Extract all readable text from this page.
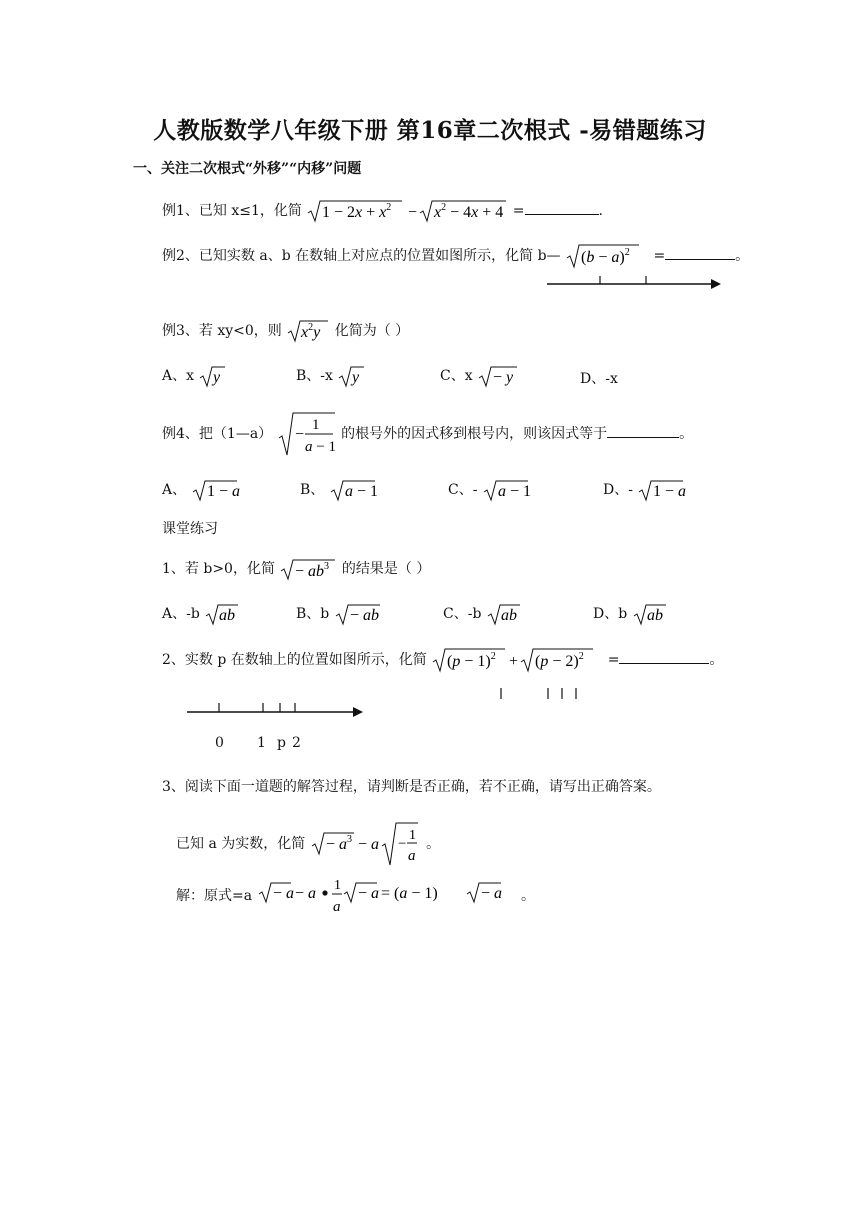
人教版数学八年级下册 第16章二次根式 -易错题练习
一、关注二次根式“外移”“内移”问题
例1、已知 x≤1，化简 $1 - 2x + x^2 - x^2 - 4x + 4$ =	.
例2、已知实数 a、b 在数轴上对应点的位置如图所示，化简 b— $(b - a)^2$ =	。
例3、若 xy<0，则 $x^2y$ 化简为（ ）
A、x y	B、-x y	C、x − y	D、-x
例4、把（1—a） −
1
a − 1
的根号外的因式移到根号内，则该因式等于	。
A、 1 − a	B、 a − 1	C、- a − 1	D、- 1 − a
课堂练习
1、若 b>0，化简 − $ab^3$ 的结果是（ ）
A、-b ab	B、b − ab	C、-b ab	D、b ab
2、实数 p 在数轴上的位置如图所示，化简 $(p - 1)^2 + (p - 2)^2$ =	。
0 1 p 2
3、阅读下面一道题的解答过程，请判断是否正确，若不正确，请写出正确答案。
已知 a 为实数，化简 − $a^3 - a$ −
1
a
。
解：原式=a − a − a 1
a
− a = (a − 1)	− a 。
